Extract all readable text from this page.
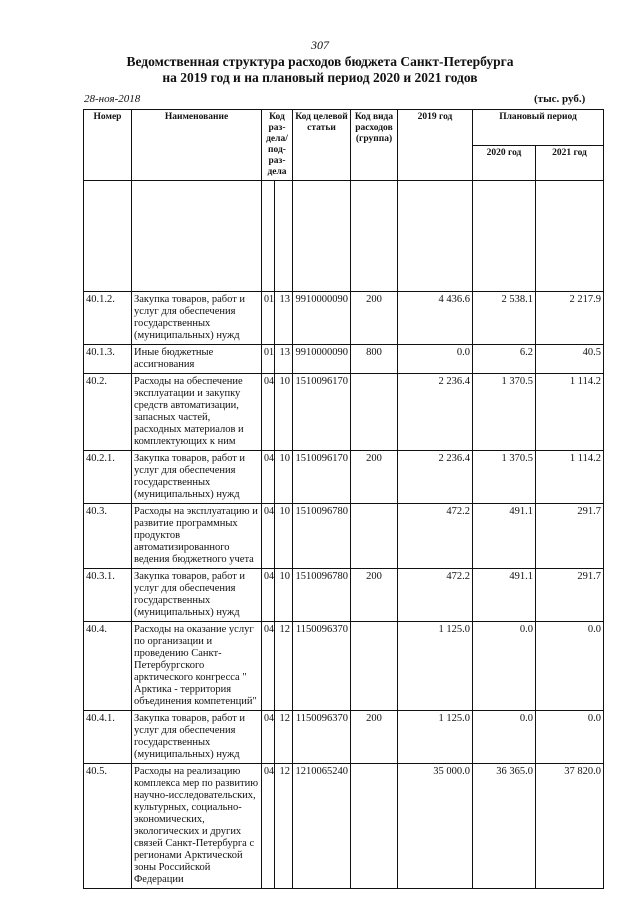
307
Ведомственная структура расходов бюджета Санкт-Петербурга
на 2019 год и на плановый период 2020 и 2021 годов
28-ноя-2018	(тыс. руб.)
Номер	Наименование	Код раз-дела/ под-раз-дела		Код целевой статьи	Код вида расходов (группа)	2019 год	Плановый период	
							2020 год	2021 год

40.1.2.	Закупка товаров, работ и услуг для обеспечения государственных (муниципальных) нужд	01	13	9910000090	200	4 436.6	2 538.1	2 217.9
40.1.3.	Иные бюджетные ассигнования	01	13	9910000090	800	0.0	6.2	40.5
40.2.	Расходы на обеспечение эксплуатации и закупку средств автоматизации, запасных частей, расходных материалов и комплектующих к ним	04	10	1510096170		2 236.4	1 370.5	1 114.2
40.2.1.	Закупка товаров, работ и услуг для обеспечения государственных (муниципальных) нужд	04	10	1510096170	200	2 236.4	1 370.5	1 114.2
40.3.	Расходы на эксплуатацию и развитие программных продуктов автоматизированного ведения бюджетного учета	04	10	1510096780		472.2	491.1	291.7
40.3.1.	Закупка товаров, работ и услуг для обеспечения государственных (муниципальных) нужд	04	10	1510096780	200	472.2	491.1	291.7
40.4.	Расходы на оказание услуг по организации и проведению Санкт-Петербургского арктического конгресса " Арктика - территория объединения компетенций"	04	12	1150096370		1 125.0	0.0	0.0
40.4.1.	Закупка товаров, работ и услуг для обеспечения государственных (муниципальных) нужд	04	12	1150096370	200	1 125.0	0.0	0.0
40.5.	Расходы на реализацию комплекса мер по развитию научно-исследовательских, культурных, социально-экономических, экологических и других связей Санкт-Петербурга с регионами Арктической зоны Российской Федерации	04	12	1210065240		35 000.0	36 365.0	37 820.0
